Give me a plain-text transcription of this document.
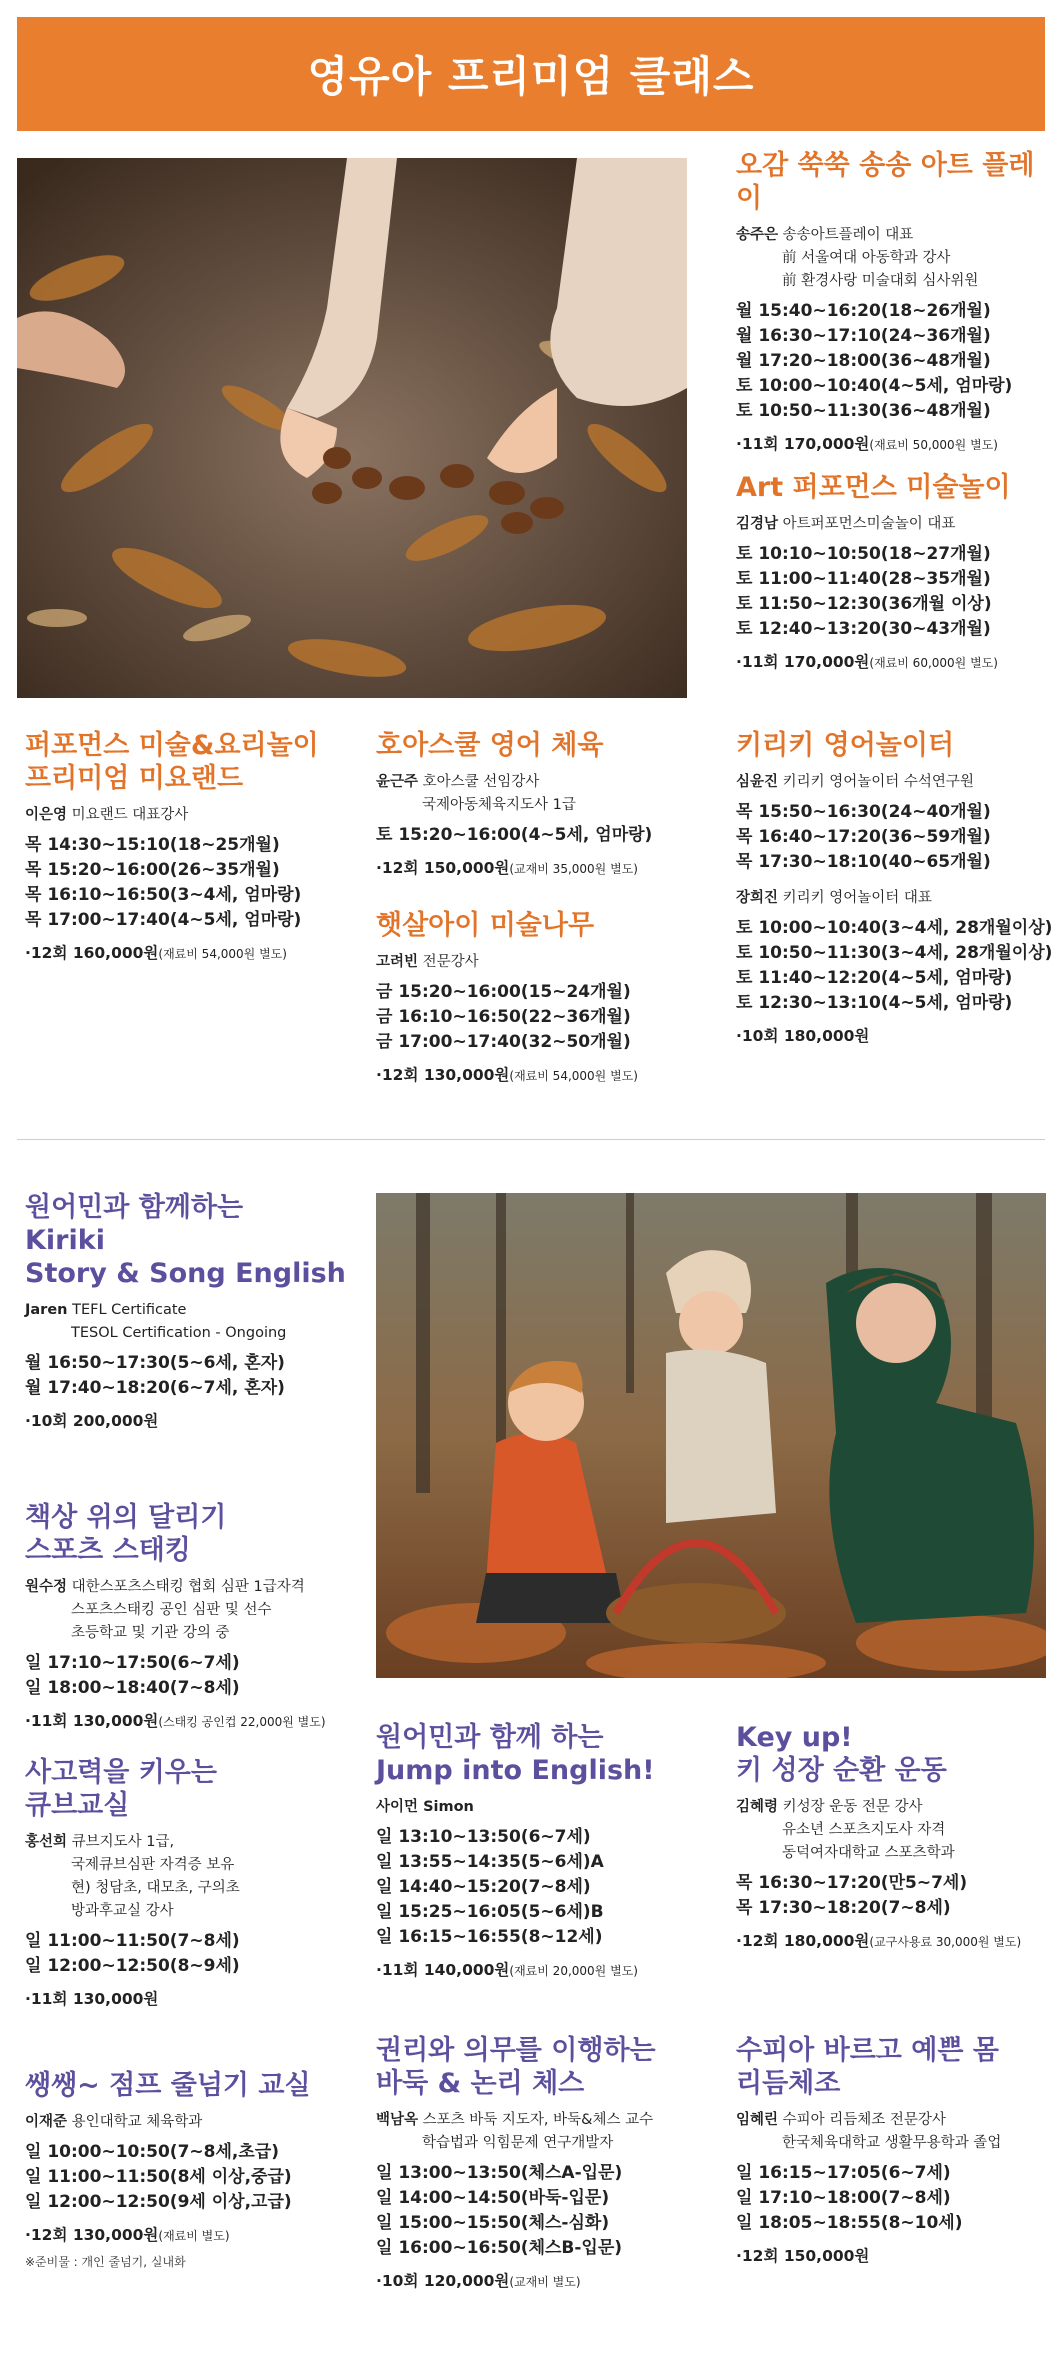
영유아 프리미엄 클래스
오감 쑥쑥 송송 아트 플레이
송주은 송송아트플레이 대표
前 서울여대 아동학과 강사
前 환경사랑 미술대회 심사위원
월 15:40~16:20(18~26개월)
월 16:30~17:10(24~36개월)
월 17:20~18:00(36~48개월)
토 10:00~10:40(4~5세, 엄마랑)
토 10:50~11:30(36~48개월)
·11회 170,000원(재료비 50,000원 별도)
Art 퍼포먼스 미술놀이
김경남 아트퍼포먼스미술놀이 대표
토 10:10~10:50(18~27개월)
토 11:00~11:40(28~35개월)
토 11:50~12:30(36개월 이상)
토 12:40~13:20(30~43개월)
·11회 170,000원(재료비 60,000원 별도)
퍼포먼스 미술&요리놀이
프리미엄 미요랜드
이은영 미요랜드 대표강사
목 14:30~15:10(18~25개월)
목 15:20~16:00(26~35개월)
목 16:10~16:50(3~4세, 엄마랑)
목 17:00~17:40(4~5세, 엄마랑)
·12회 160,000원(재료비 54,000원 별도)
호아스쿨 영어 체육
윤근주 호아스쿨 선임강사
국제아동체육지도사 1급
토 15:20~16:00(4~5세, 엄마랑)
·12회 150,000원(교재비 35,000원 별도)
햇살아이 미술나무
고려빈 전문강사
금 15:20~16:00(15~24개월)
금 16:10~16:50(22~36개월)
금 17:00~17:40(32~50개월)
·12회 130,000원(재료비 54,000원 별도)
키리키 영어놀이터
심윤진 키리키 영어놀이터 수석연구원
목 15:50~16:30(24~40개월)
목 16:40~17:20(36~59개월)
목 17:30~18:10(40~65개월)
장희진 키리키 영어놀이터 대표
토 10:00~10:40(3~4세, 28개월이상)
토 10:50~11:30(3~4세, 28개월이상)
토 11:40~12:20(4~5세, 엄마랑)
토 12:30~13:10(4~5세, 엄마랑)
·10회 180,000원
원어민과 함께하는
Kiriki
Story & Song English
Jaren TEFL Certificate
TESOL Certification - Ongoing
월 16:50~17:30(5~6세, 혼자)
월 17:40~18:20(6~7세, 혼자)
·10회 200,000원
책상 위의 달리기
스포츠 스태킹
원수정 대한스포츠스태킹 협회 심판 1급자격
스포츠스태킹 공인 심판 및 선수
초등학교 및 기관 강의 중
일 17:10~17:50(6~7세)
일 18:00~18:40(7~8세)
·11회 130,000원(스태킹 공인컵 22,000원 별도)
사고력을 키우는
큐브교실
홍선희 큐브지도사 1급,
국제큐브심판 자격증 보유
현) 청담초, 대모초, 구의초
방과후교실 강사
일 11:00~11:50(7~8세)
일 12:00~12:50(8~9세)
·11회 130,000원
쌩쌩~ 점프 줄넘기 교실
이재준 용인대학교 체육학과
일 10:00~10:50(7~8세,초급)
일 11:00~11:50(8세 이상,중급)
일 12:00~12:50(9세 이상,고급)
·12회 130,000원(재료비 별도)
※준비물 : 개인 줄넘기, 실내화
원어민과 함께 하는
Jump into English!
사이먼 Simon
일 13:10~13:50(6~7세)
일 13:55~14:35(5~6세)A
일 14:40~15:20(7~8세)
일 15:25~16:05(5~6세)B
일 16:15~16:55(8~12세)
·11회 140,000원(재료비 20,000원 별도)
권리와 의무를 이행하는
바둑 & 논리 체스
백남옥 스포츠 바둑 지도자, 바둑&체스 교수
학습법과 익힘문제 연구개발자
일 13:00~13:50(체스A-입문)
일 14:00~14:50(바둑-입문)
일 15:00~15:50(체스-심화)
일 16:00~16:50(체스B-입문)
·10회 120,000원(교재비 별도)
Key up!
키 성장 순환 운동
김혜령 키성장 운동 전문 강사
유소년 스포츠지도사 자격
동덕여자대학교 스포츠학과
목 16:30~17:20(만5~7세)
목 17:30~18:20(7~8세)
·12회 180,000원(교구사용료 30,000원 별도)
수피아 바르고 예쁜 몸
리듬체조
임혜린 수피아 리듬체조 전문강사
한국체육대학교 생활무용학과 졸업
일 16:15~17:05(6~7세)
일 17:10~18:00(7~8세)
일 18:05~18:55(8~10세)
·12회 150,000원
